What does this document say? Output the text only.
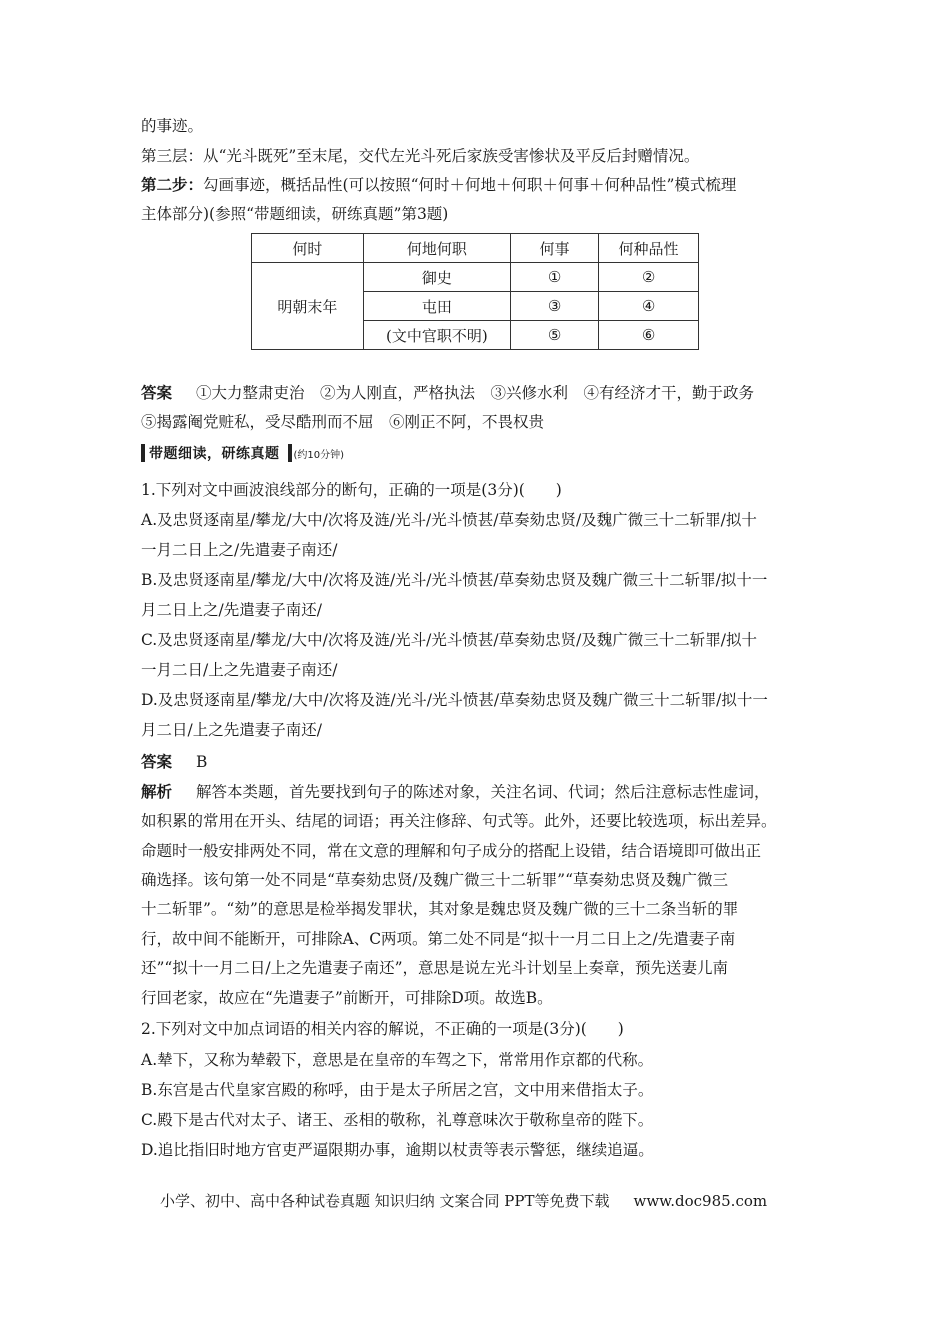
的事迹。
第三层：从“光斗既死”至末尾，交代左光斗死后家族受害惨状及平反后封赠情况。
第二步：勾画事迹，概括品性(可以按照“何时＋何地＋何职＋何事＋何种品性”模式梳理
主体部分)(参照“带题细读，研练真题”第3题)
何时	何地何职	何事	何种品性
明朝末年	御史	①	②
	屯田	③	④
	(文中官职不明)	⑤	⑥
答案 ①大力整肃吏治　②为人刚直，严格执法　③兴修水利　④有经济才干，勤于政务
⑤揭露阉党赃私，受尽酷刑而不屈　⑥刚正不阿，不畏权贵
带题细读，研练真题 (约10分钟)
1.下列对文中画波浪线部分的断句，正确的一项是(3分)(　　)
A.及忠贤逐南星/攀龙/大中/次将及涟/光斗/光斗愤甚/草奏劾忠贤/及魏广微三十二斩罪/拟十
一月二日上之/先遣妻子南还/
B.及忠贤逐南星/攀龙/大中/次将及涟/光斗/光斗愤甚/草奏劾忠贤及魏广微三十二斩罪/拟十一
月二日上之/先遣妻子南还/
C.及忠贤逐南星/攀龙/大中/次将及涟/光斗/光斗愤甚/草奏劾忠贤/及魏广微三十二斩罪/拟十
一月二日/上之先遣妻子南还/
D.及忠贤逐南星/攀龙/大中/次将及涟/光斗/光斗愤甚/草奏劾忠贤及魏广微三十二斩罪/拟十一
月二日/上之先遣妻子南还/
答案 B
解析 解答本类题，首先要找到句子的陈述对象，关注名词、代词；然后注意标志性虚词，
如积累的常用在开头、结尾的词语；再关注修辞、句式等。此外，还要比较选项，标出差异。
命题时一般安排两处不同，常在文意的理解和句子成分的搭配上设错，结合语境即可做出正
确选择。该句第一处不同是“草奏劾忠贤/及魏广微三十二斩罪”“草奏劾忠贤及魏广微三
十二斩罪”。“劾”的意思是检举揭发罪状，其对象是魏忠贤及魏广微的三十二条当斩的罪
行，故中间不能断开，可排除A、C两项。第二处不同是“拟十一月二日上之/先遣妻子南
还”“拟十一月二日/上之先遣妻子南还”，意思是说左光斗计划呈上奏章，预先送妻儿南
行回老家，故应在“先遣妻子”前断开，可排除D项。故选B。
2.下列对文中加点词语的相关内容的解说，不正确的一项是(3分)(　　)
A.辇下，又称为辇毂下，意思是在皇帝的车驾之下，常常用作京都的代称。
B.东宫是古代皇家宫殿的称呼，由于是太子所居之宫，文中用来借指太子。
C.殿下是古代对太子、诸王、丞相的敬称，礼尊意味次于敬称皇帝的陛下。
D.追比指旧时地方官吏严逼限期办事，逾期以杖责等表示警惩，继续追逼。
小学、初中、高中各种试卷真题 知识归纳 文案合同 PPT等免费下载 www.doc985.com
